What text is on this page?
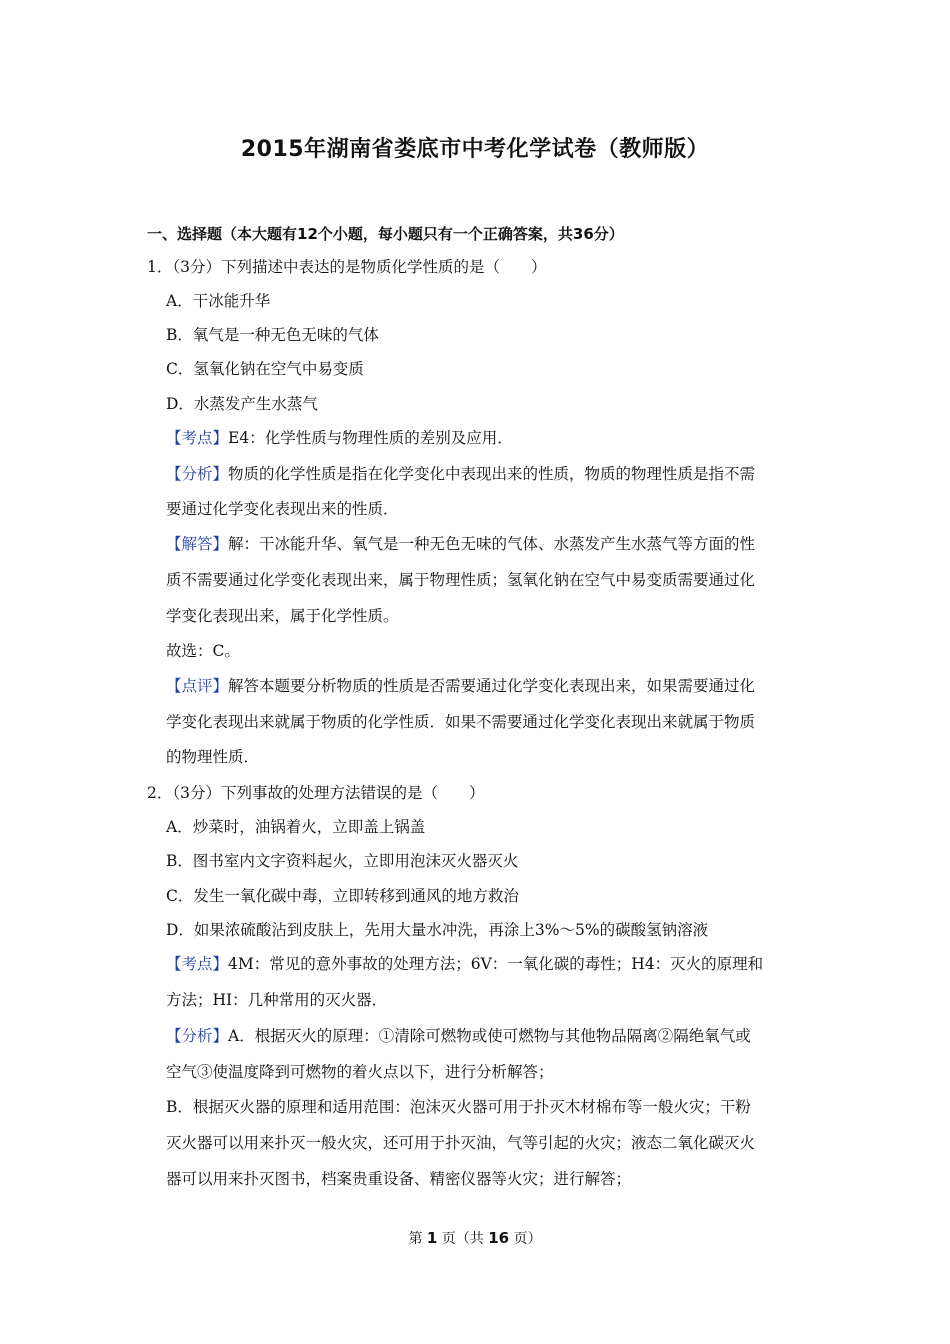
2015年湖南省娄底市中考化学试卷（教师版）
一、选择题（本大题有12个小题，每小题只有一个正确答案，共36分）
1．（3分）下列描述中表达的是物质化学性质的是（　　）
A．干冰能升华
B．氧气是一种无色无味的气体
C．氢氧化钠在空气中易变质
D．水蒸发产生水蒸气
【考点】E4：化学性质与物理性质的差别及应用．
【分析】物质的化学性质是指在化学变化中表现出来的性质，物质的物理性质是指不需
要通过化学变化表现出来的性质．
【解答】解：干冰能升华、氧气是一种无色无味的气体、水蒸发产生水蒸气等方面的性
质不需要通过化学变化表现出来，属于物理性质；氢氧化钠在空气中易变质需要通过化
学变化表现出来，属于化学性质。
故选：C。
【点评】解答本题要分析物质的性质是否需要通过化学变化表现出来，如果需要通过化
学变化表现出来就属于物质的化学性质．如果不需要通过化学变化表现出来就属于物质
的物理性质．
2．（3分）下列事故的处理方法错误的是（　　）
A．炒菜时，油锅着火，立即盖上锅盖
B．图书室内文字资料起火，立即用泡沫灭火器灭火
C．发生一氧化碳中毒，立即转移到通风的地方救治
D．如果浓硫酸沾到皮肤上，先用大量水冲洗，再涂上3%～5%的碳酸氢钠溶液
【考点】4M：常见的意外事故的处理方法；6V：一氧化碳的毒性；H4：灭火的原理和
方法；HI：几种常用的灭火器．
【分析】A．根据灭火的原理：①清除可燃物或使可燃物与其他物品隔离②隔绝氧气或
空气③使温度降到可燃物的着火点以下，进行分析解答；
B．根据灭火器的原理和适用范围：泡沫灭火器可用于扑灭木材棉布等一般火灾；干粉
灭火器可以用来扑灭一般火灾，还可用于扑灭油，气等引起的火灾；液态二氧化碳灭火
器可以用来扑灭图书，档案贵重设备、精密仪器等火灾；进行解答；
第 1 页（共 16 页）
